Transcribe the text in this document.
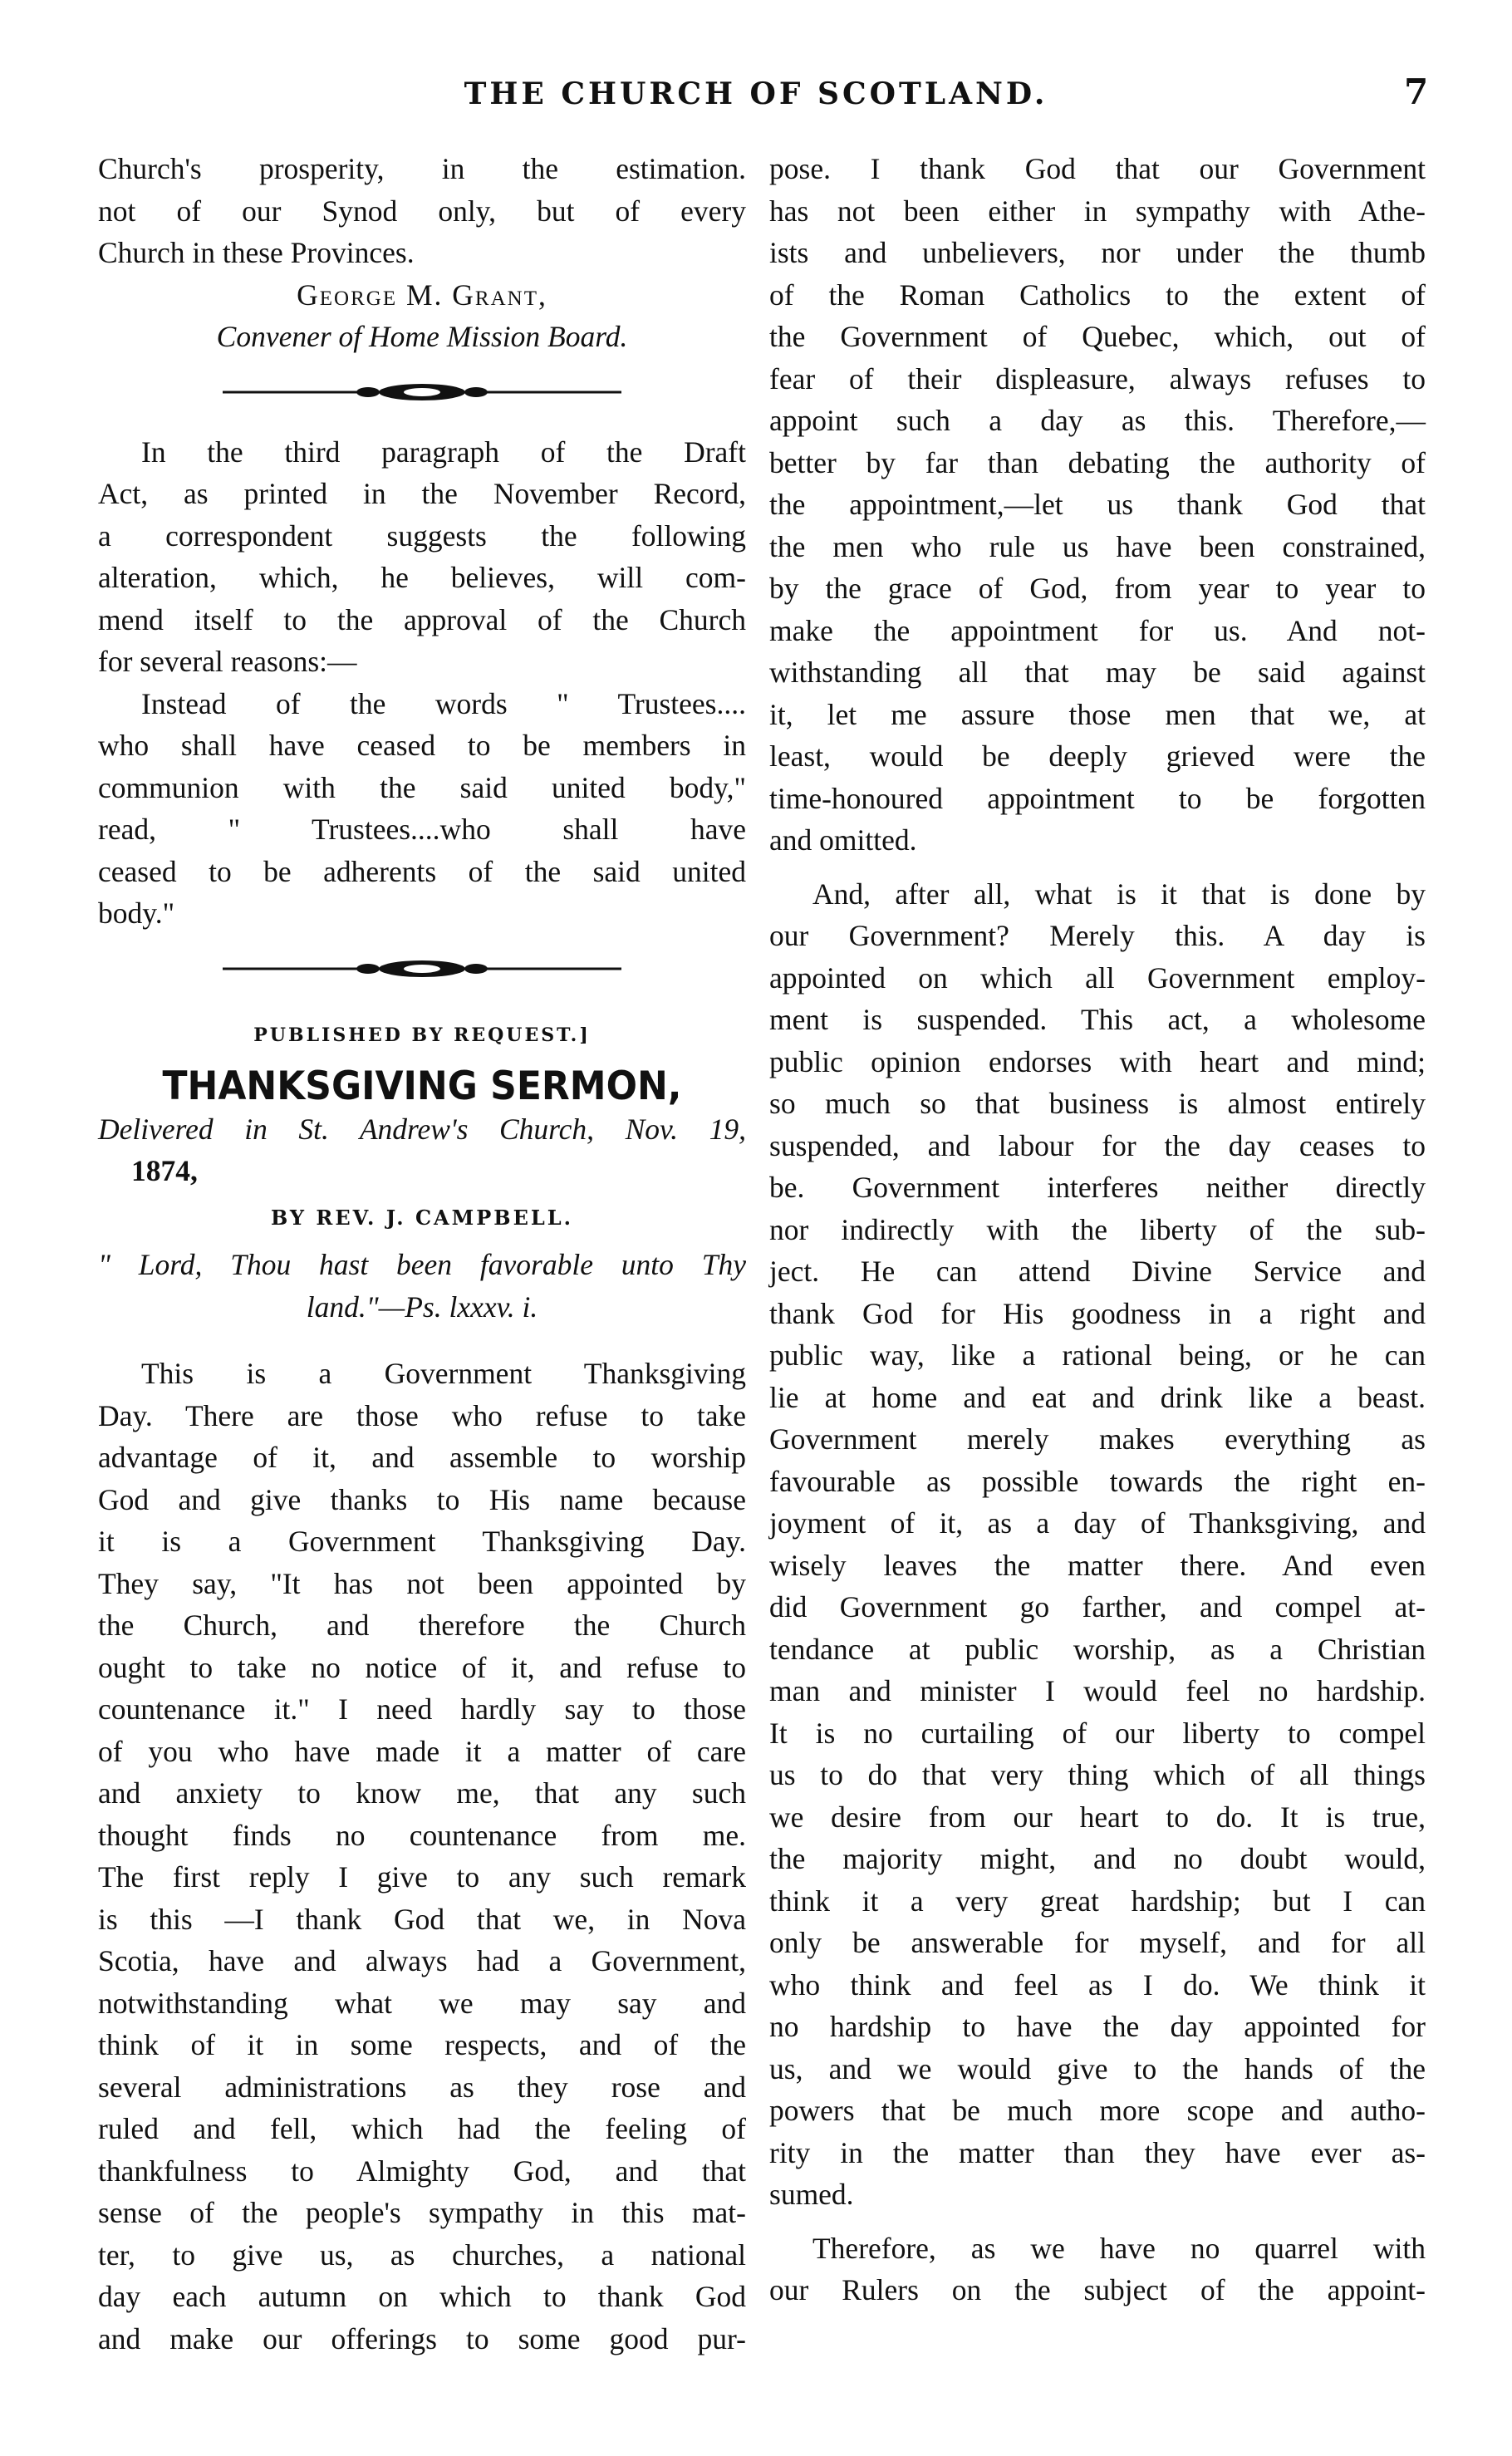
THE CHURCH OF SCOTLAND.	7

Church's prosperity, in the estimation.
not of our Synod only, but of every
Church in these Provinces.

George M. Grant,
Convener of Home Mission Board.

In the third paragraph of the Draft
Act, as printed in the November Record,
a correspondent suggests the following
alteration, which, he believes, will com-
mend itself to the approval of the Church
for several reasons:—
Instead of the words " Trustees....
who shall have ceased to be members in
communion with the said united body,"
read, " Trustees....who shall have
ceased to be adherents of the said united
body."

PUBLISHED BY REQUEST.]
THANKSGIVING SERMON,
Delivered in St. Andrew's Church, Nov. 19,
1874,
BY REV. J. CAMPBELL.
" Lord, Thou hast been favorable unto Thy
land."—Ps. lxxxv. i.

This is a Government Thanksgiving
Day. There are those who refuse to take
advantage of it, and assemble to worship
God and give thanks to His name because
it is a Government Thanksgiving Day.
They say, "It has not been appointed by
the Church, and therefore the Church
ought to take no notice of it, and refuse to
countenance it." I need hardly say to those
of you who have made it a matter of care
and anxiety to know me, that any such
thought finds no countenance from me.
The first reply I give to any such remark
is this —I thank God that we, in Nova
Scotia, have and always had a Government,
notwithstanding what we may say and
think of it in some respects, and of the
several administrations as they rose and
ruled and fell, which had the feeling of
thankfulness to Almighty God, and that
sense of the people's sympathy in this mat-
ter, to give us, as churches, a national
day each autumn on which to thank God
and make our offerings to some good pur-

pose. I thank God that our Government
has not been either in sympathy with Athe-
ists and unbelievers, nor under the thumb
of the Roman Catholics to the extent of
the Government of Quebec, which, out of
fear of their displeasure, always refuses to
appoint such a day as this. Therefore,—
better by far than debating the authority of
the appointment,—let us thank God that
the men who rule us have been constrained,
by the grace of God, from year to year to
make the appointment for us. And not-
withstanding all that may be said against
it, let me assure those men that we, at
least, would be deeply grieved were the
time-honoured appointment to be forgotten
and omitted.

And, after all, what is it that is done by
our Government? Merely this. A day is
appointed on which all Government employ-
ment is suspended. This act, a wholesome
public opinion endorses with heart and mind;
so much so that business is almost entirely
suspended, and labour for the day ceases to
be. Government interferes neither directly
nor indirectly with the liberty of the sub-
ject. He can attend Divine Service and
thank God for His goodness in a right and
public way, like a rational being, or he can
lie at home and eat and drink like a beast.
Government merely makes everything as
favourable as possible towards the right en-
joyment of it, as a day of Thanksgiving, and
wisely leaves the matter there. And even
did Government go farther, and compel at-
tendance at public worship, as a Christian
man and minister I would feel no hardship.
It is no curtailing of our liberty to compel
us to do that very thing which of all things
we desire from our heart to do. It is true,
the majority might, and no doubt would,
think it a very great hardship; but I can
only be answerable for myself, and for all
who think and feel as I do. We think it
no hardship to have the day appointed for
us, and we would give to the hands of the
powers that be much more scope and autho-
rity in the matter than they have ever as-
sumed.

Therefore, as we have no quarrel with
our Rulers on the subject of the appoint-
